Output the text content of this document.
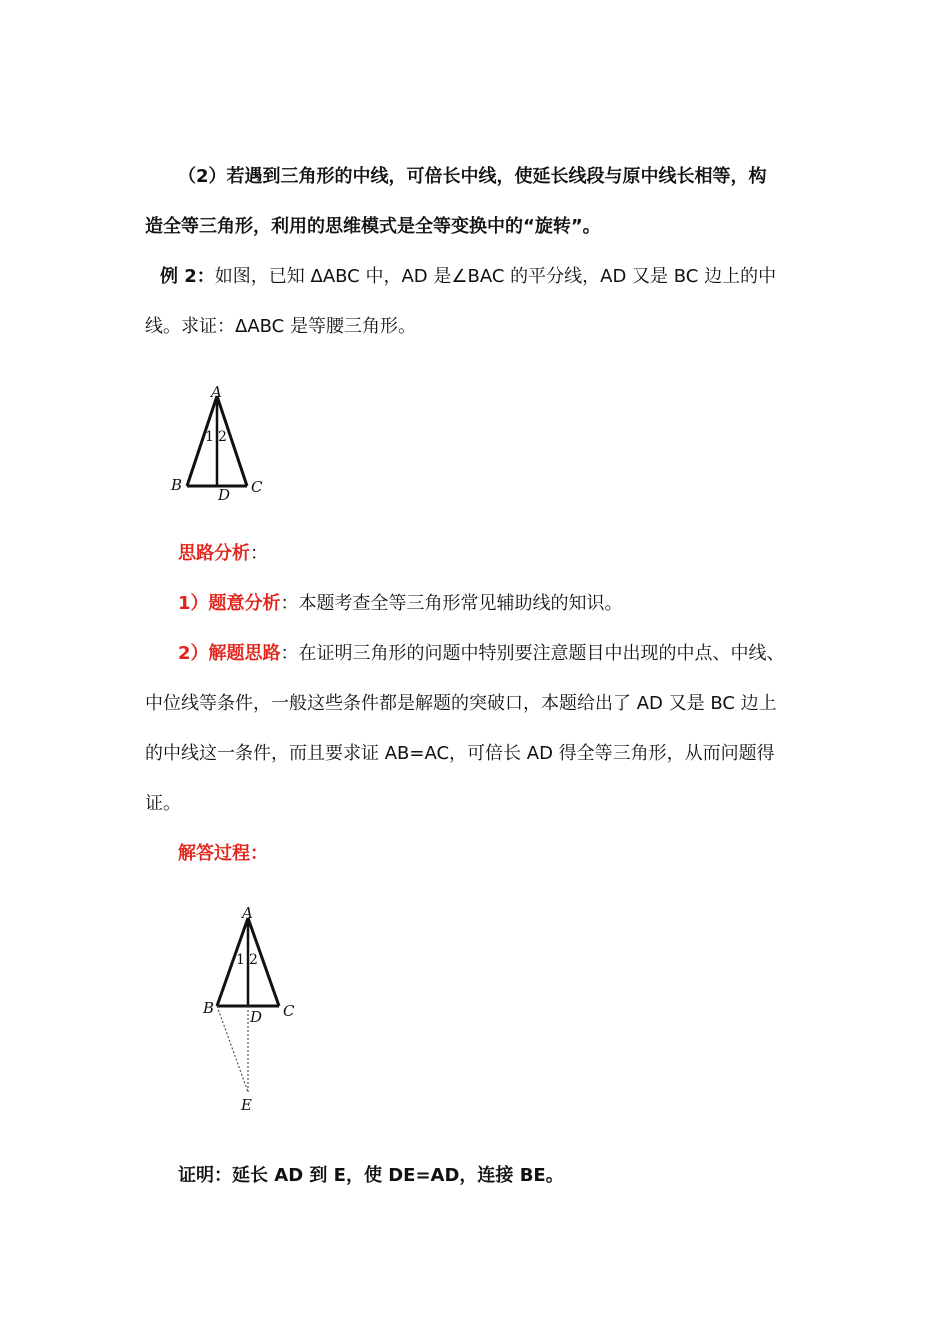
（2）若遇到三角形的中线，可倍长中线，使延长线段与原中线长相等，构
造全等三角形，利用的思维模式是全等变换中的“旋转”。
例 2：如图，已知 ΔABC 中，AD 是∠BAC 的平分线，AD 又是 BC 边上的中
线。求证：ΔABC 是等腰三角形。
A
B	C
D
1 2
思路分析：
1）题意分析：本题考查全等三角形常见辅助线的知识。
2）解题思路：在证明三角形的问题中特别要注意题目中出现的中点、中线、
中位线等条件，一般这些条件都是解题的突破口，本题给出了 AD 又是 BC 边上
的中线这一条件，而且要求证 AB=AC，可倍长 AD 得全等三角形，从而问题得
证。
解答过程：
A
B	C
D
E
1 2
证明：延长 AD 到 E，使 DE=AD，连接 BE。
